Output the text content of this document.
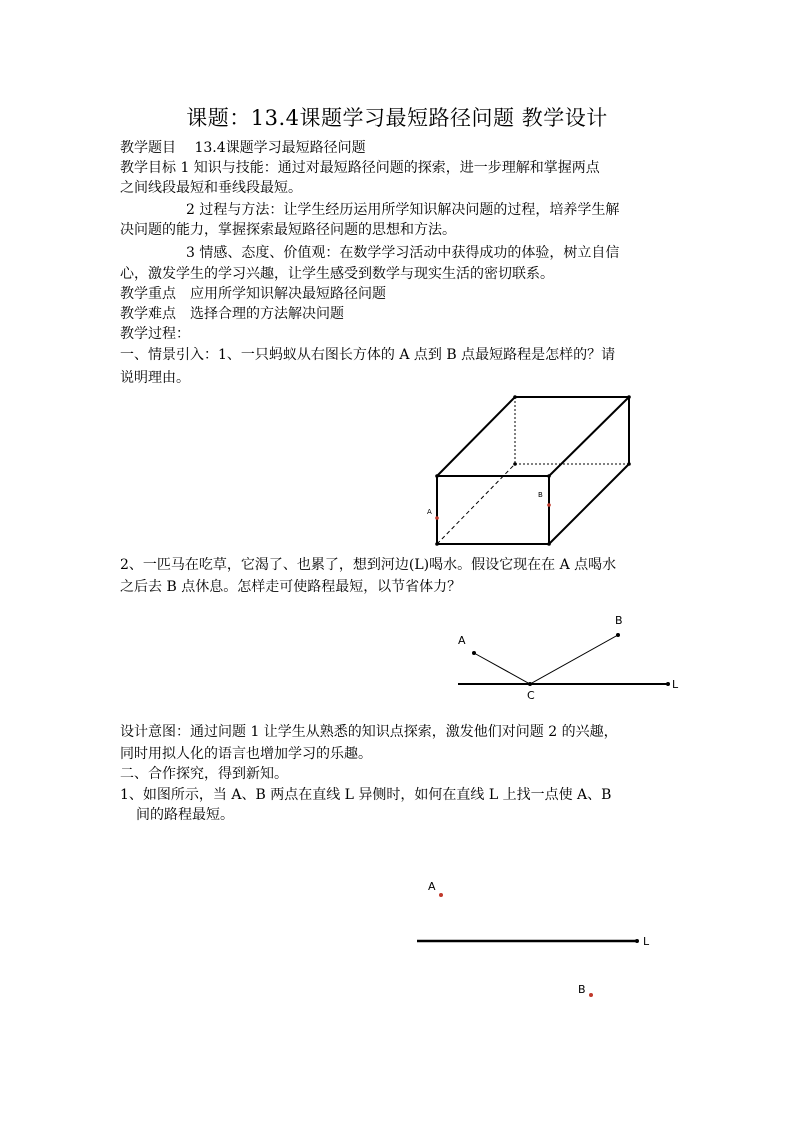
课题：13.4课题学习最短路径问题 教学设计
教学题目　 13.4课题学习最短路径问题
教学目标 1 知识与技能：通过对最短路径问题的探索，进一步理解和掌握两点
之间线段最短和垂线段最短。
2 过程与方法：让学生经历运用所学知识解决问题的过程，培养学生解
决问题的能力，掌握探索最短路径问题的思想和方法。
3 情感、态度、价值观：在数学学习活动中获得成功的体验，树立自信
心，激发学生的学习兴趣，让学生感受到数学与现实生活的密切联系。
教学重点　应用所学知识解决最短路径问题
教学难点　选择合理的方法解决问题
教学过程：
一、情景引入：1、一只蚂蚁从右图长方体的 A 点到 B 点最短路程是怎样的？请
说明理由。
A
B
2、一匹马在吃草，它渴了、也累了，想到河边(L)喝水。假设它现在在 A 点喝水
之后去 B 点休息。怎样走可使路程最短，以节省体力？
A
B
C
L
设计意图：通过问题 1 让学生从熟悉的知识点探索，激发他们对问题 2 的兴趣，
同时用拟人化的语言也增加学习的乐趣。
二、合作探究，得到新知。
1、如图所示，当 A、B 两点在直线 L 异侧时，如何在直线 L 上找一点使 A、B
间的路程最短。
A
B
L
